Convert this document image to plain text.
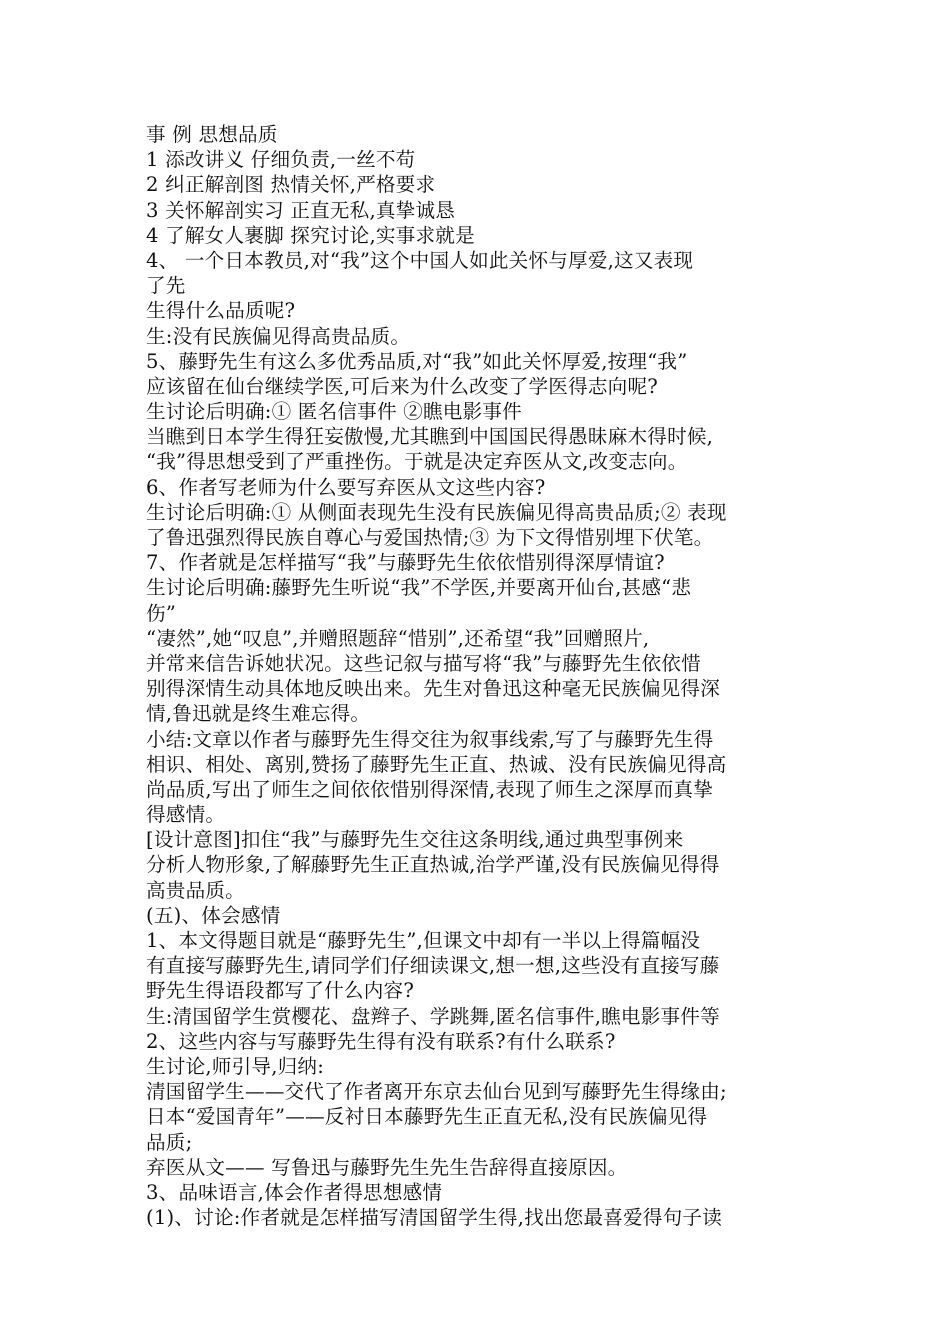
事 例 思想品质
1 添改讲义 仔细负责,一丝不苟
2 纠正解剖图 热情关怀,严格要求
3 关怀解剖实习 正直无私,真挚诚恳
4 了解女人裹脚 探究讨论,实事求就是
4、 一个日本教员,对“我”这个中国人如此关怀与厚爱,这又表现
了先
生得什么品质呢?
生:没有民族偏见得高贵品质。
5、藤野先生有这么多优秀品质,对“我”如此关怀厚爱,按理“我”
应该留在仙台继续学医,可后来为什么改变了学医得志向呢?
生讨论后明确:① 匿名信事件 ②瞧电影事件
当瞧到日本学生得狂妄傲慢,尤其瞧到中国国民得愚昧麻木得时候,
“我”得思想受到了严重挫伤。于就是决定弃医从文,改变志向。
6、作者写老师为什么要写弃医从文这些内容?
生讨论后明确:① 从侧面表现先生没有民族偏见得高贵品质;② 表现
了鲁迅强烈得民族自尊心与爱国热情;③ 为下文得惜别埋下伏笔。
7、作者就是怎样描写“我”与藤野先生依依惜别得深厚情谊?
生讨论后明确:藤野先生听说“我”不学医,并要离开仙台,甚感“悲
伤”
“凄然”,她“叹息”,并赠照题辞“惜别”,还希望“我”回赠照片,
并常来信告诉她状况。这些记叙与描写将“我”与藤野先生依依惜
别得深情生动具体地反映出来。先生对鲁迅这种毫无民族偏见得深
情,鲁迅就是终生难忘得。
小结:文章以作者与藤野先生得交往为叙事线索,写了与藤野先生得
相识、相处、离别,赞扬了藤野先生正直、热诚、没有民族偏见得高
尚品质,写出了师生之间依依惜别得深情,表现了师生之深厚而真挚
得感情。
[设计意图]扣住“我”与藤野先生交往这条明线,通过典型事例来
分析人物形象,了解藤野先生正直热诚,治学严谨,没有民族偏见得得
高贵品质。
(五)、体会感情
1、本文得题目就是“藤野先生”,但课文中却有一半以上得篇幅没
有直接写藤野先生,请同学们仔细读课文,想一想,这些没有直接写藤
野先生得语段都写了什么内容?
生:清国留学生赏樱花、盘辫子、学跳舞,匿名信事件,瞧电影事件等
2、这些内容与写藤野先生得有没有联系?有什么联系?
生讨论,师引导,归纳:
清国留学生——交代了作者离开东京去仙台见到写藤野先生得缘由;
日本“爱国青年”——反衬日本藤野先生正直无私,没有民族偏见得
品质;
弃医从文—— 写鲁迅与藤野先生先生告辞得直接原因。
3、品味语言,体会作者得思想感情
(1)、讨论:作者就是怎样描写清国留学生得,找出您最喜爱得句子读
